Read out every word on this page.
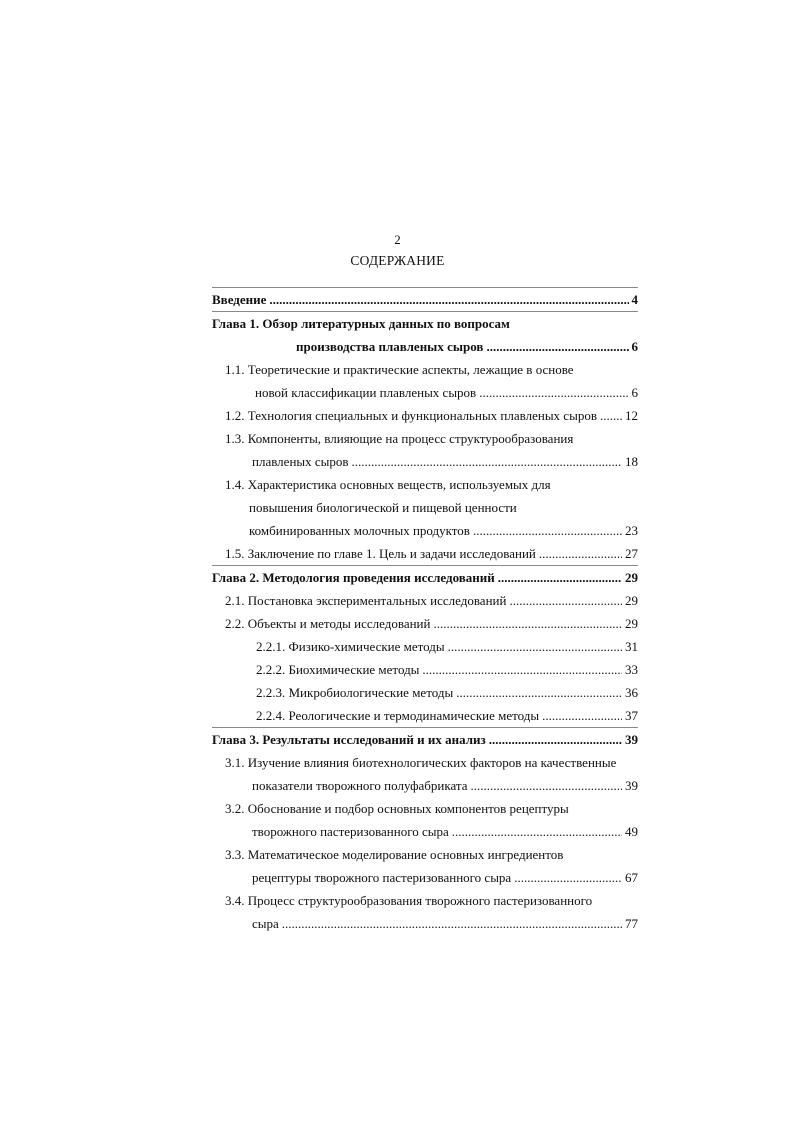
2
СОДЕРЖАНИЕ
Введение .....	4
Глава 1. Обзор литературных данных по вопросам
производства плавленых сыров .....	6
1.1. Теоретические и практические аспекты, лежащие в основе
новой классификации плавленых сыров .....	6
1.2. Технология специальных и функциональных плавленых сыров ..... 12
1.3. Компоненты, влияющие на процесс структурообразования
плавленых сыров .....	18
1.4. Характеристика основных веществ, используемых для
повышения биологической и пищевой ценности
комбинированных молочных продуктов .....	23
1.5. Заключение по главе 1. Цель и задачи исследований .....	27
Глава 2. Методология проведения исследований .....	29
2.1. Постановка экспериментальных исследований .....	29
2.2. Объекты и методы исследований .....	29
2.2.1. Физико-химические методы .....	31
2.2.2. Биохимические методы .....	33
2.2.3. Микробиологические методы .....	36
2.2.4. Реологические и термодинамические методы .....	37
Глава 3. Результаты исследований и их анализ .....	39
3.1. Изучение влияния биотехнологических факторов на качественные
показатели творожного полуфабриката .....	39
3.2. Обоснование и подбор основных компонентов рецептуры
творожного пастеризованного сыра .....	49
3.3. Математическое моделирование основных ингредиентов
рецептуры творожного пастеризованного сыра .....	67
3.4. Процесс структурообразования творожного пастеризованного
сыра .....	77
